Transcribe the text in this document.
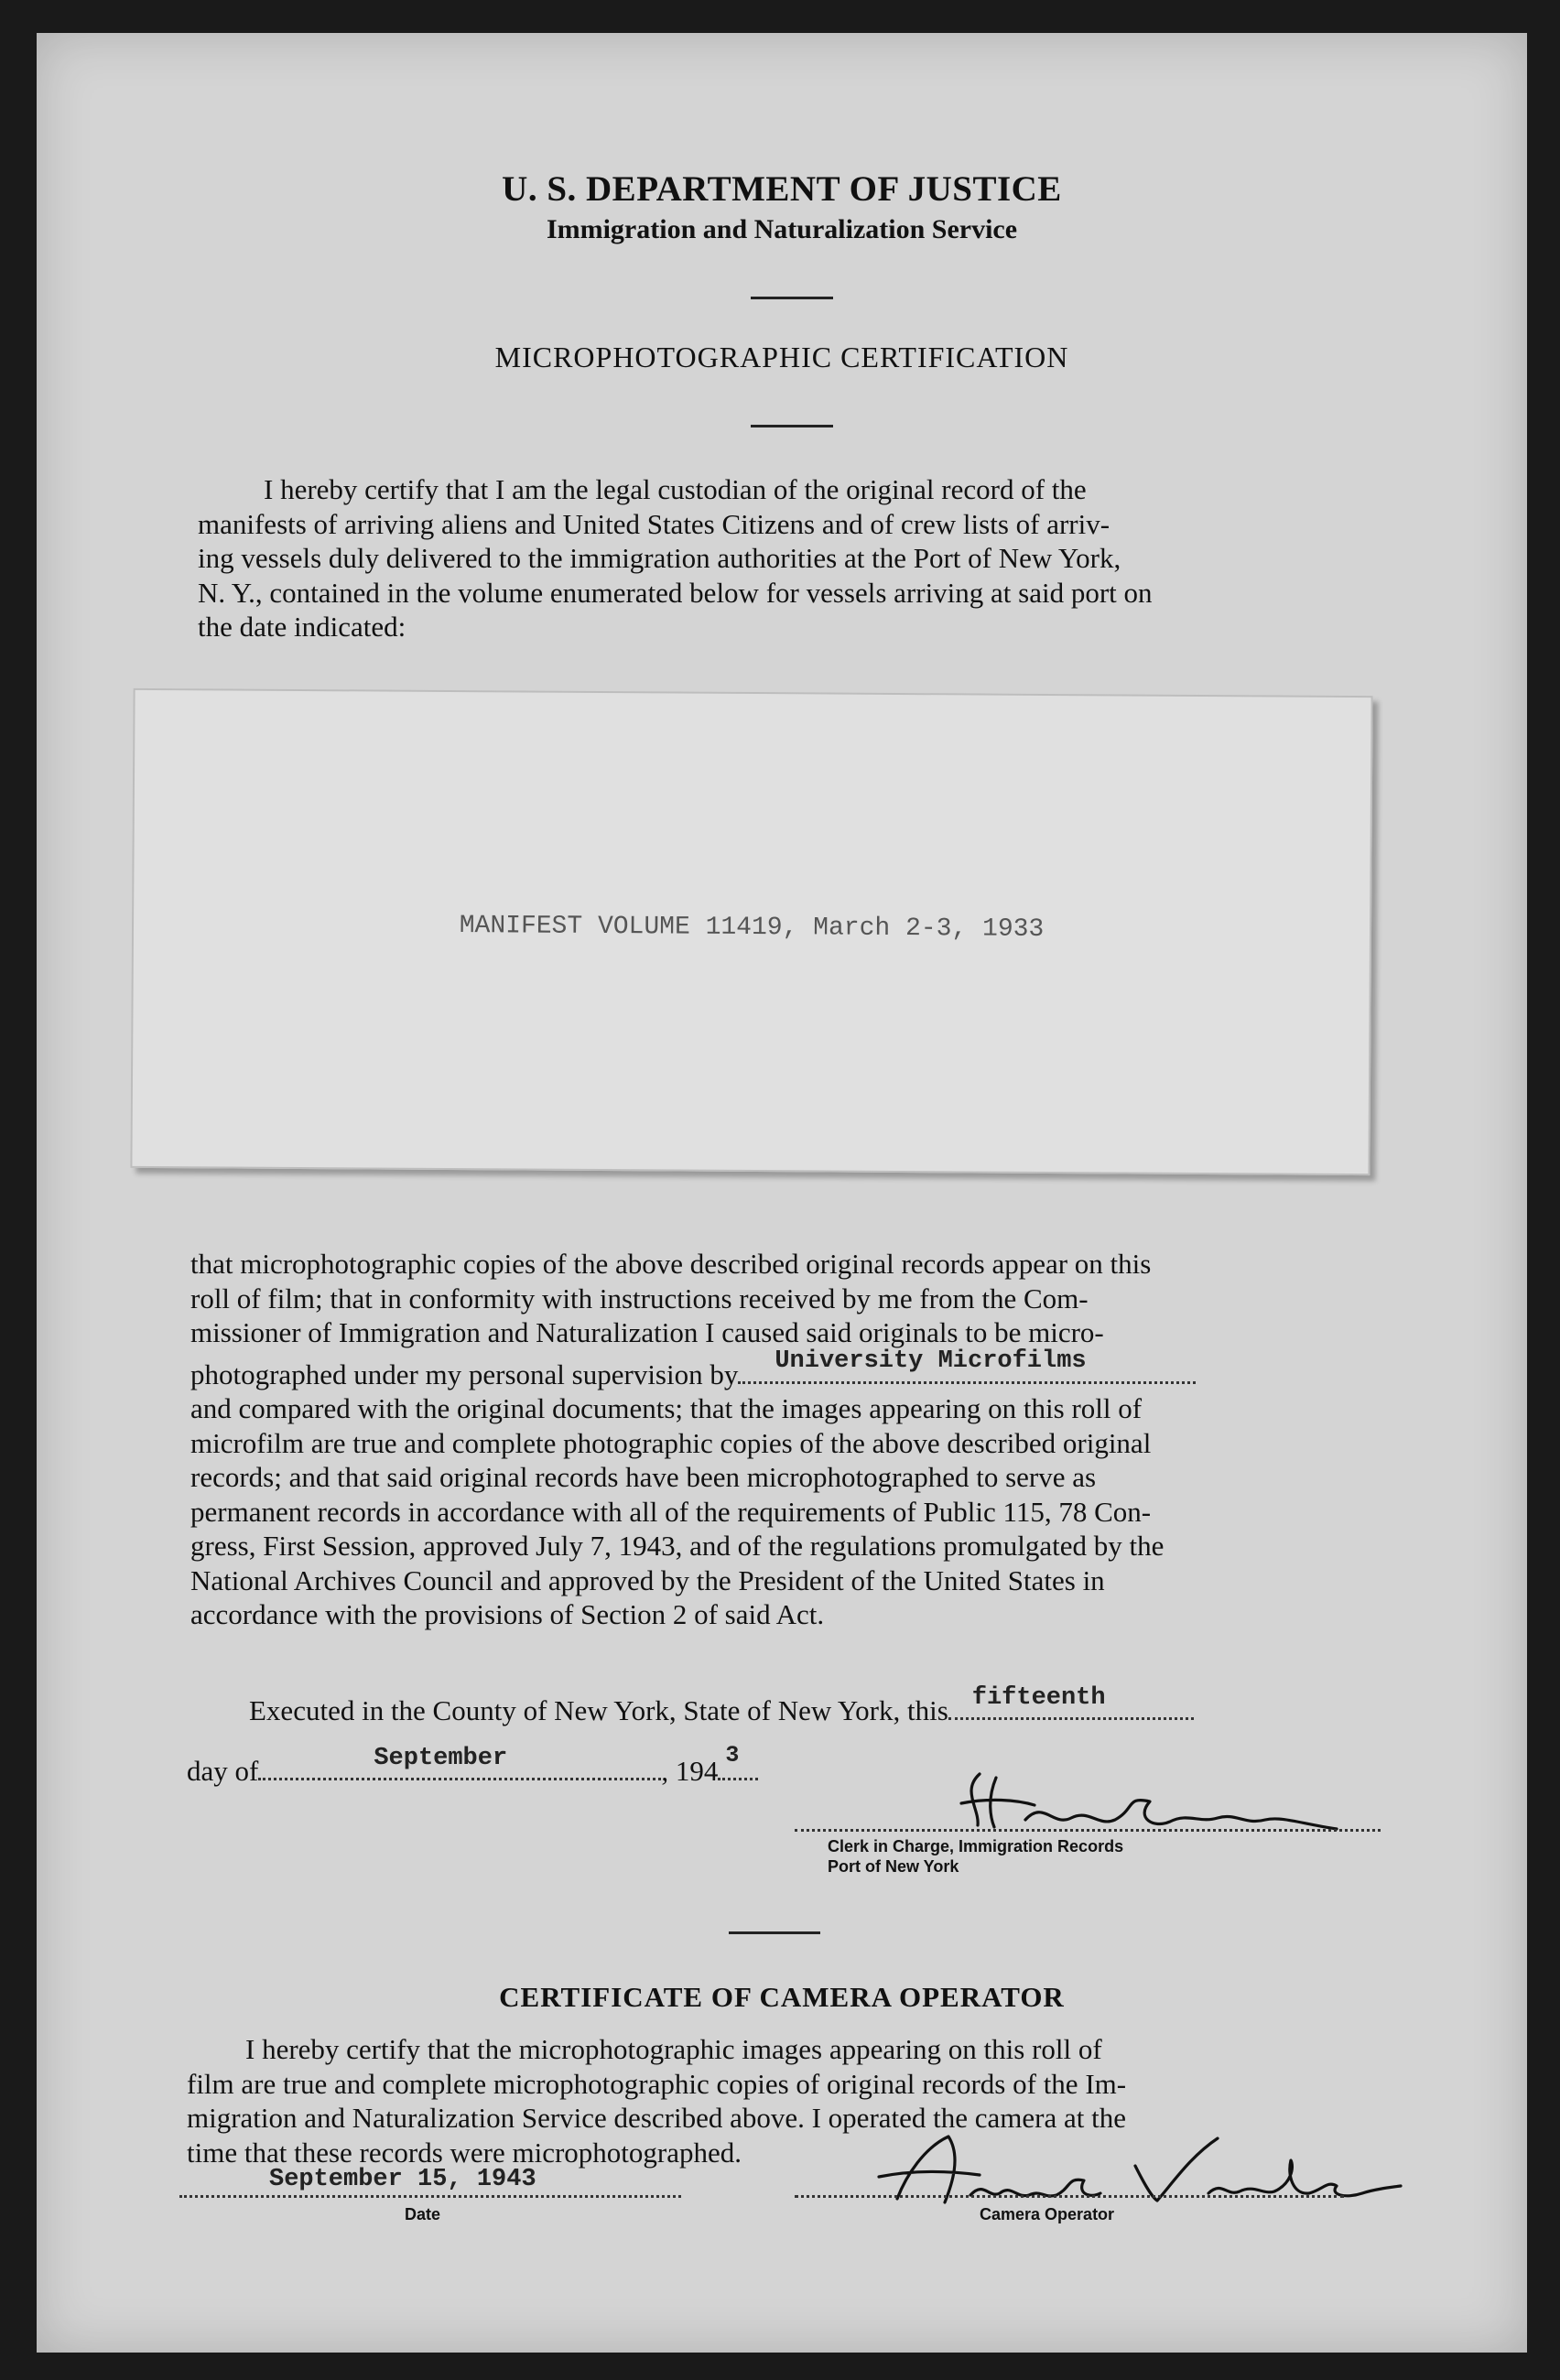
U. S. DEPARTMENT OF JUSTICE
Immigration and Naturalization Service
MICROPHOTOGRAPHIC CERTIFICATION
I hereby certify that I am the legal custodian of the original record of the
manifests of arriving aliens and United States Citizens and of crew lists of arriv-
ing vessels duly delivered to the immigration authorities at the Port of New York,
N. Y., contained in the volume enumerated below for vessels arriving at said port on
the date indicated:
MANIFEST VOLUME 11419, March 2-3, 1933
that microphotographic copies of the above described original records appear on this
roll of film; that in conformity with instructions received by me from the Com-
missioner of Immigration and Naturalization I caused said originals to be micro-
photographed under my personal supervision by University Microfilms
and compared with the original documents; that the images appearing on this roll of
microfilm are true and complete photographic copies of the above described original
records; and that said original records have been microphotographed to serve as
permanent records in accordance with all of the requirements of Public 115, 78 Con-
gress, First Session, approved July 7, 1943, and of the regulations promulgated by the
National Archives Council and approved by the President of the United States in
accordance with the provisions of Section 2 of said Act.
Executed in the County of New York, State of New York, this fifteenth
day of	September	, 194 3
Clerk in Charge, Immigration Records
Port of New York
CERTIFICATE OF CAMERA OPERATOR
I hereby certify that the microphotographic images appearing on this roll of
film are true and complete microphotographic copies of original records of the Im-
migration and Naturalization Service described above. I operated the camera at the
time that these records were microphotographed.
September 15, 1943
Date	Camera Operator
